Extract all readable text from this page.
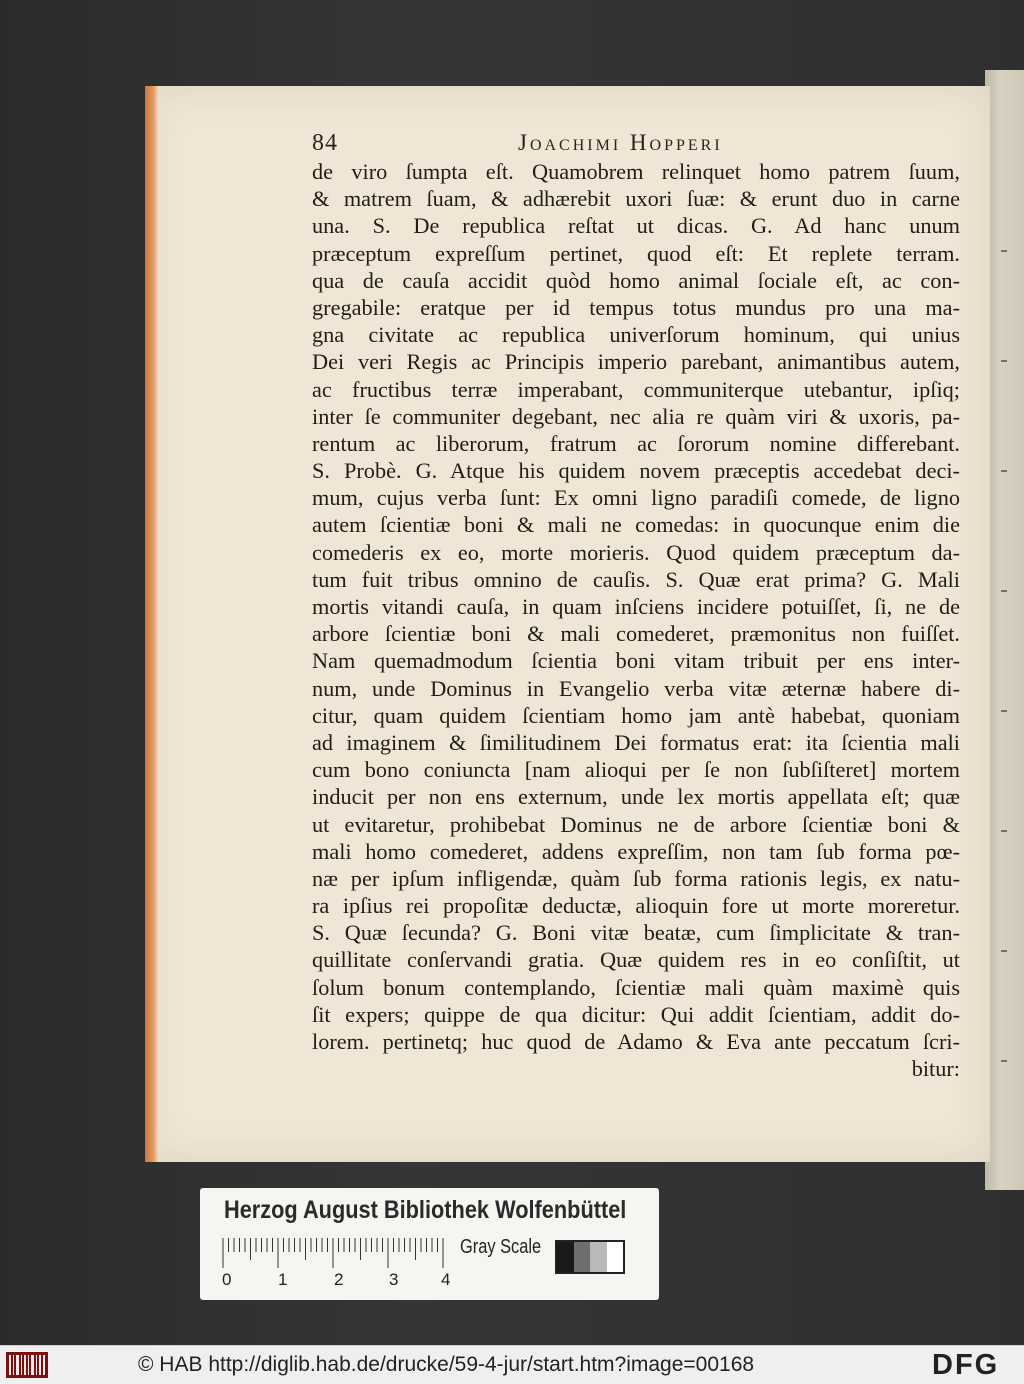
84	Joachimi Hopperi
de viro ſumpta eſt. Quamobrem relinquet homo patrem ſuum,
& matrem ſuam, & adhærebit uxori ſuæ: & erunt duo in carne
una. S. De republica reſtat ut dicas. G. Ad hanc unum
præceptum expreſſum pertinet, quod eſt: Et replete terram.
qua de cauſa accidit quòd homo animal ſociale eſt, ac con-
gregabile: eratque per id tempus totus mundus pro una ma-
gna civitate ac republica univerſorum hominum, qui unius
Dei veri Regis ac Principis imperio parebant, animantibus autem,
ac fructibus terræ imperabant, communiterque utebantur, ipſiq;
inter ſe communiter degebant, nec alia re quàm viri & uxoris, pa-
rentum ac liberorum, fratrum ac ſororum nomine differebant.
S. Probè. G. Atque his quidem novem præceptis accedebat deci-
mum, cujus verba ſunt: Ex omni ligno paradiſi comede, de ligno
autem ſcientiæ boni & mali ne comedas: in quocunque enim die
comederis ex eo, morte morieris. Quod quidem præceptum da-
tum fuit tribus omnino de cauſis. S. Quæ erat prima? G. Mali
mortis vitandi cauſa, in quam inſciens incidere potuiſſet, ſi, ne de
arbore ſcientiæ boni & mali comederet, præmonitus non fuiſſet.
Nam quemadmodum ſcientia boni vitam tribuit per ens inter-
num, unde Dominus in Evangelio verba vitæ æternæ habere di-
citur, quam quidem ſcientiam homo jam antè habebat, quoniam
ad imaginem & ſimilitudinem Dei formatus erat: ita ſcientia mali
cum bono coniuncta [nam alioqui per ſe non ſubſiſteret] mortem
inducit per non ens externum, unde lex mortis appellata eſt; quæ
ut evitaretur, prohibebat Dominus ne de arbore ſcientiæ boni &
mali homo comederet, addens expreſſim, non tam ſub forma pœ-
næ per ipſum infligendæ, quàm ſub forma rationis legis, ex natu-
ra ipſius rei propoſitæ deductæ, alioquin fore ut morte moreretur.
S. Quæ ſecunda? G. Boni vitæ beatæ, cum ſimplicitate & tran-
quillitate conſervandi gratia. Quæ quidem res in eo conſiſtit, ut
ſolum bonum contemplando, ſcientiæ mali quàm maximè quis
ſit expers; quippe de qua dicitur: Qui addit ſcientiam, addit do-
lorem. pertinetq; huc quod de Adamo & Eva ante peccatum ſcri-
bitur:
Herzog August Bibliothek Wolfenbüttel
0	1	2	3	4
Gray Scale
© HAB http://diglib.hab.de/drucke/59-4-jur/start.htm?image=00168	DFG
